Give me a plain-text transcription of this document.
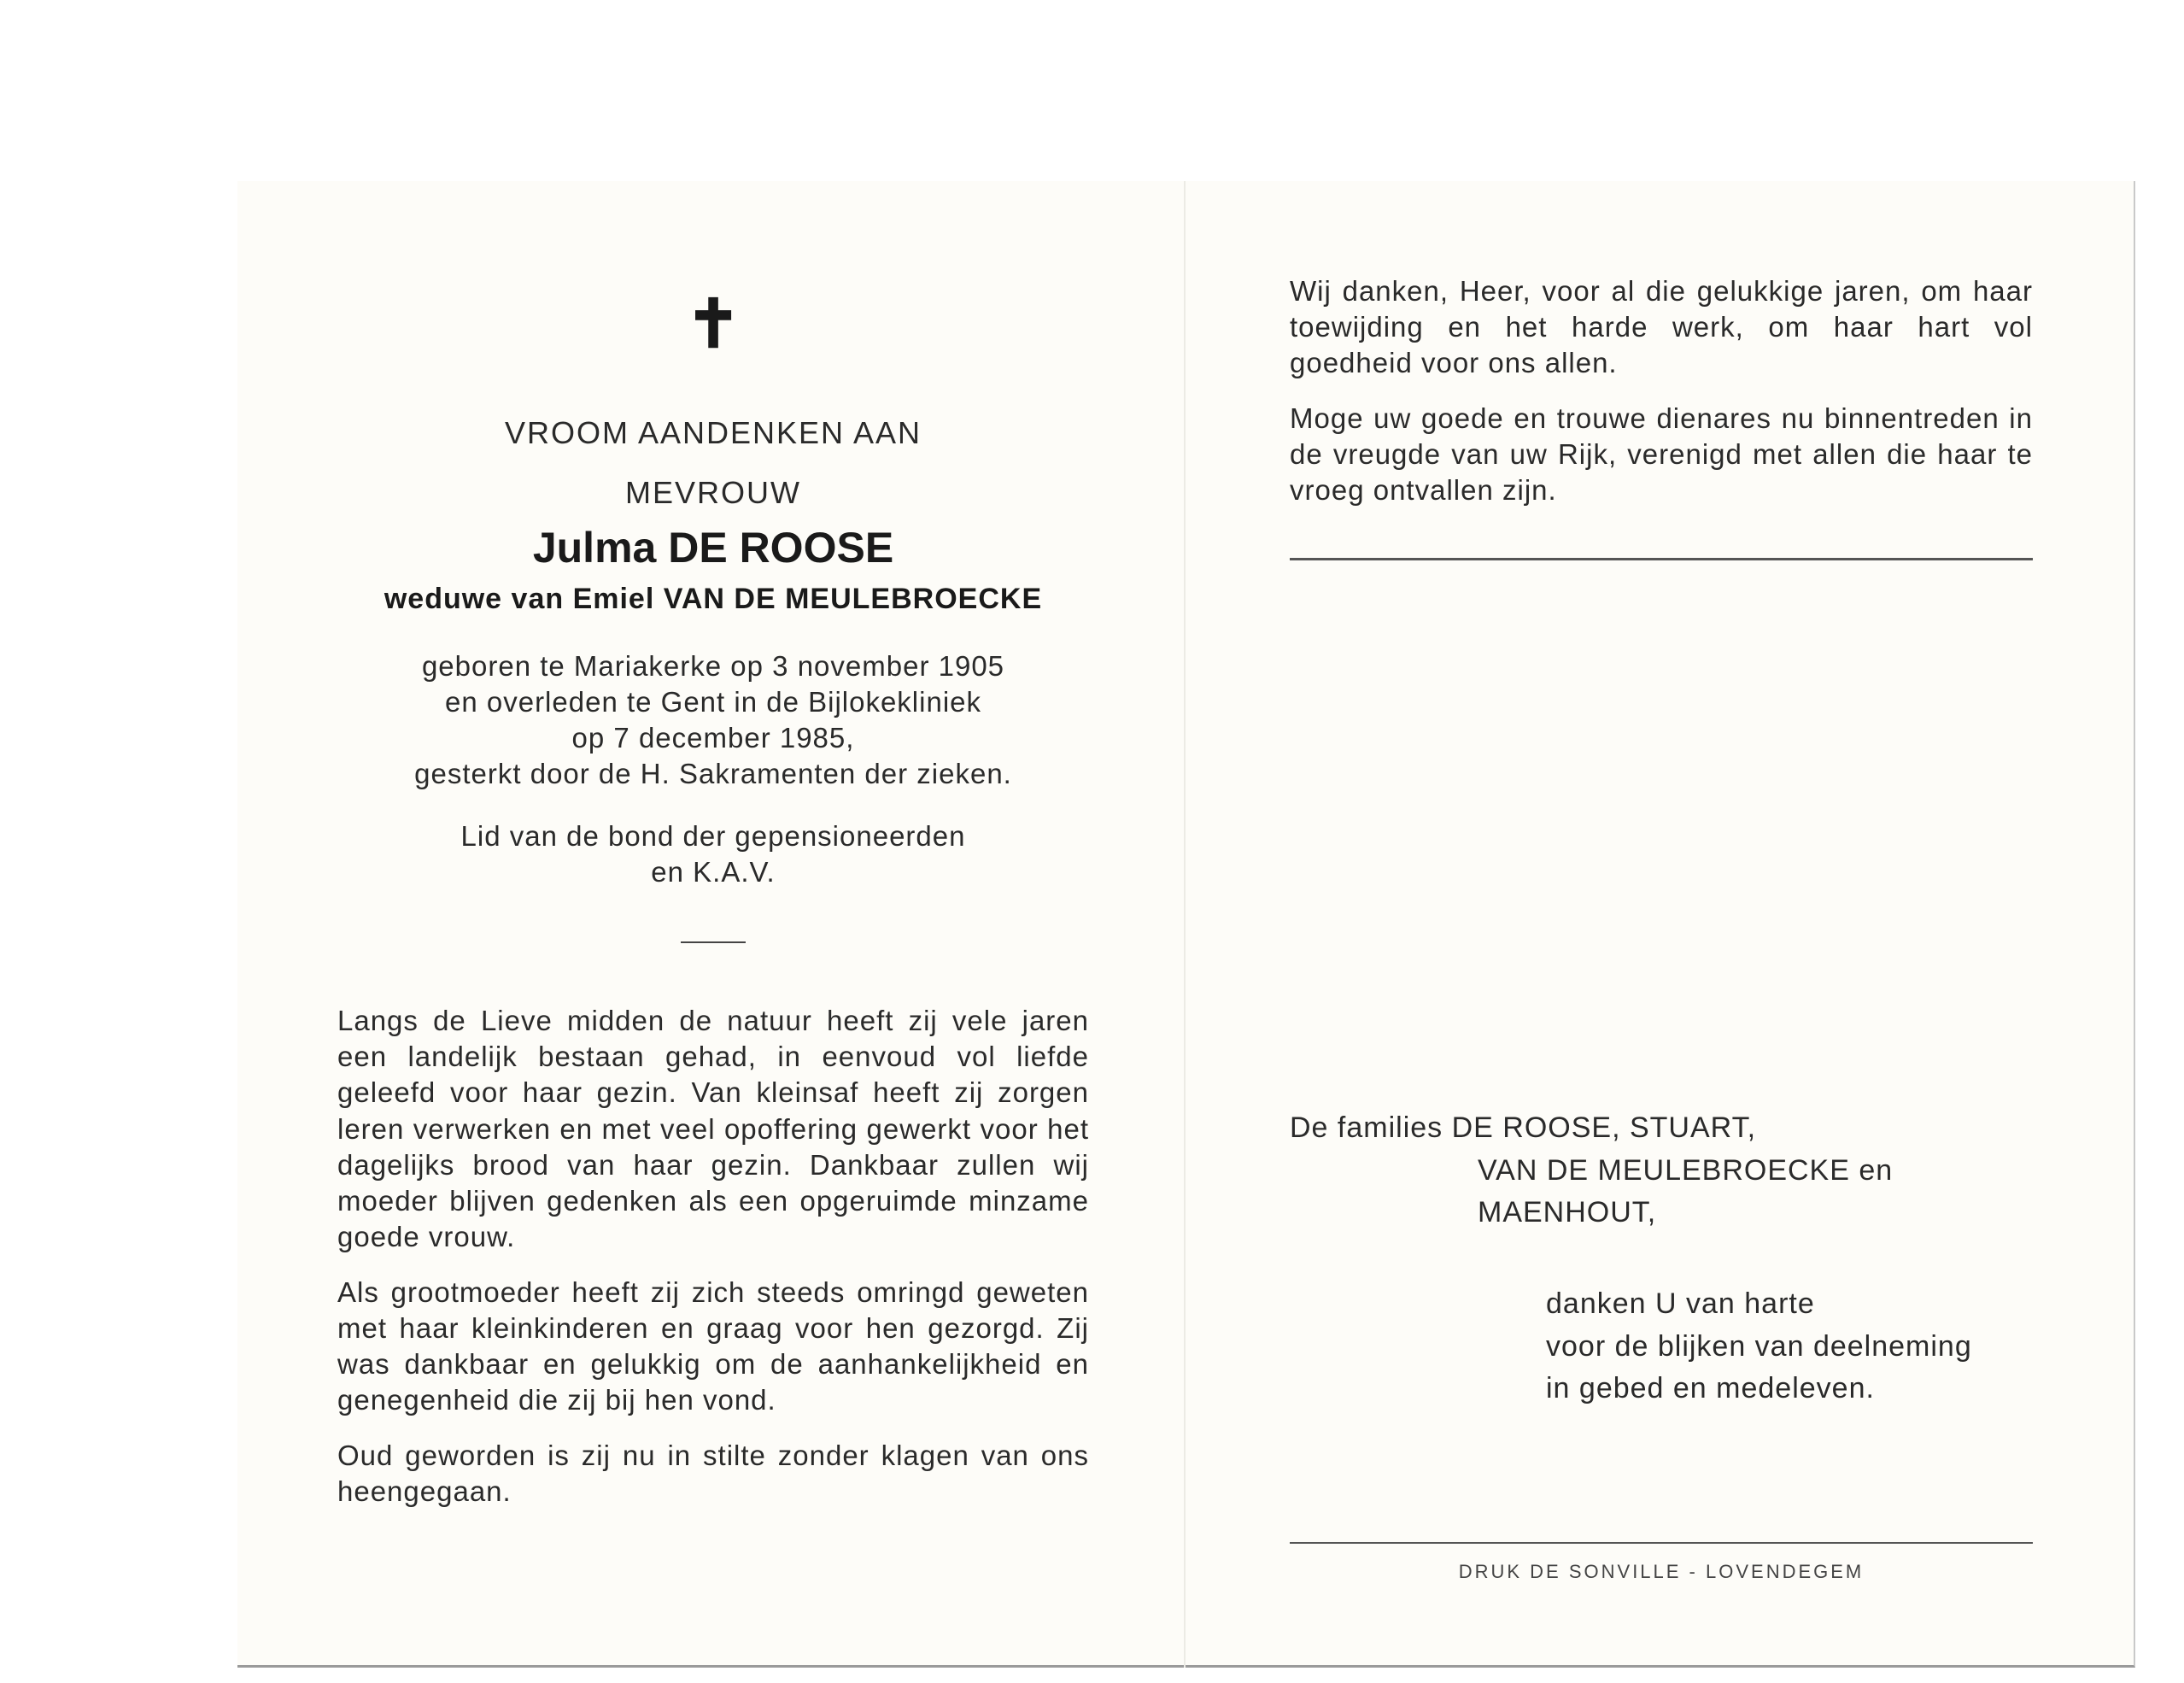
✝
VROOM AANDENKEN AAN
MEVROUW
Julma DE ROOSE
weduwe van Emiel VAN DE MEULEBROECKE
geboren te Mariakerke op 3 november 1905
en overleden te Gent in de Bijlokekliniek
op 7 december 1985,
gesterkt door de H. Sakramenten der zieken.
Lid van de bond der gepensioneerden
en K.A.V.
Langs de Lieve midden de natuur heeft zij vele jaren een landelijk bestaan gehad, in eenvoud vol liefde geleefd voor haar gezin. Van kleinsaf heeft zij zorgen leren verwerken en met veel opoffering gewerkt voor het dagelijks brood van haar gezin. Dankbaar zullen wij moeder blijven gedenken als een opgeruimde minzame goede vrouw.
Als grootmoeder heeft zij zich steeds omringd geweten met haar kleinkinderen en graag voor hen gezorgd. Zij was dankbaar en gelukkig om de aanhankelijkheid en genegenheid die zij bij hen vond.
Oud geworden is zij nu in stilte zonder klagen van ons heengegaan.
Wij danken, Heer, voor al die gelukkige jaren, om haar toewijding en het harde werk, om haar hart vol goedheid voor ons allen.
Moge uw goede en trouwe dienares nu binnentreden in de vreugde van uw Rijk, verenigd met allen die haar te vroeg ontvallen zijn.
De families DE ROOSE, STUART,
VAN DE MEULEBROECKE en
MAENHOUT,
danken U van harte
voor de blijken van deelneming
in gebed en medeleven.
DRUK DE SONVILLE - LOVENDEGEM
